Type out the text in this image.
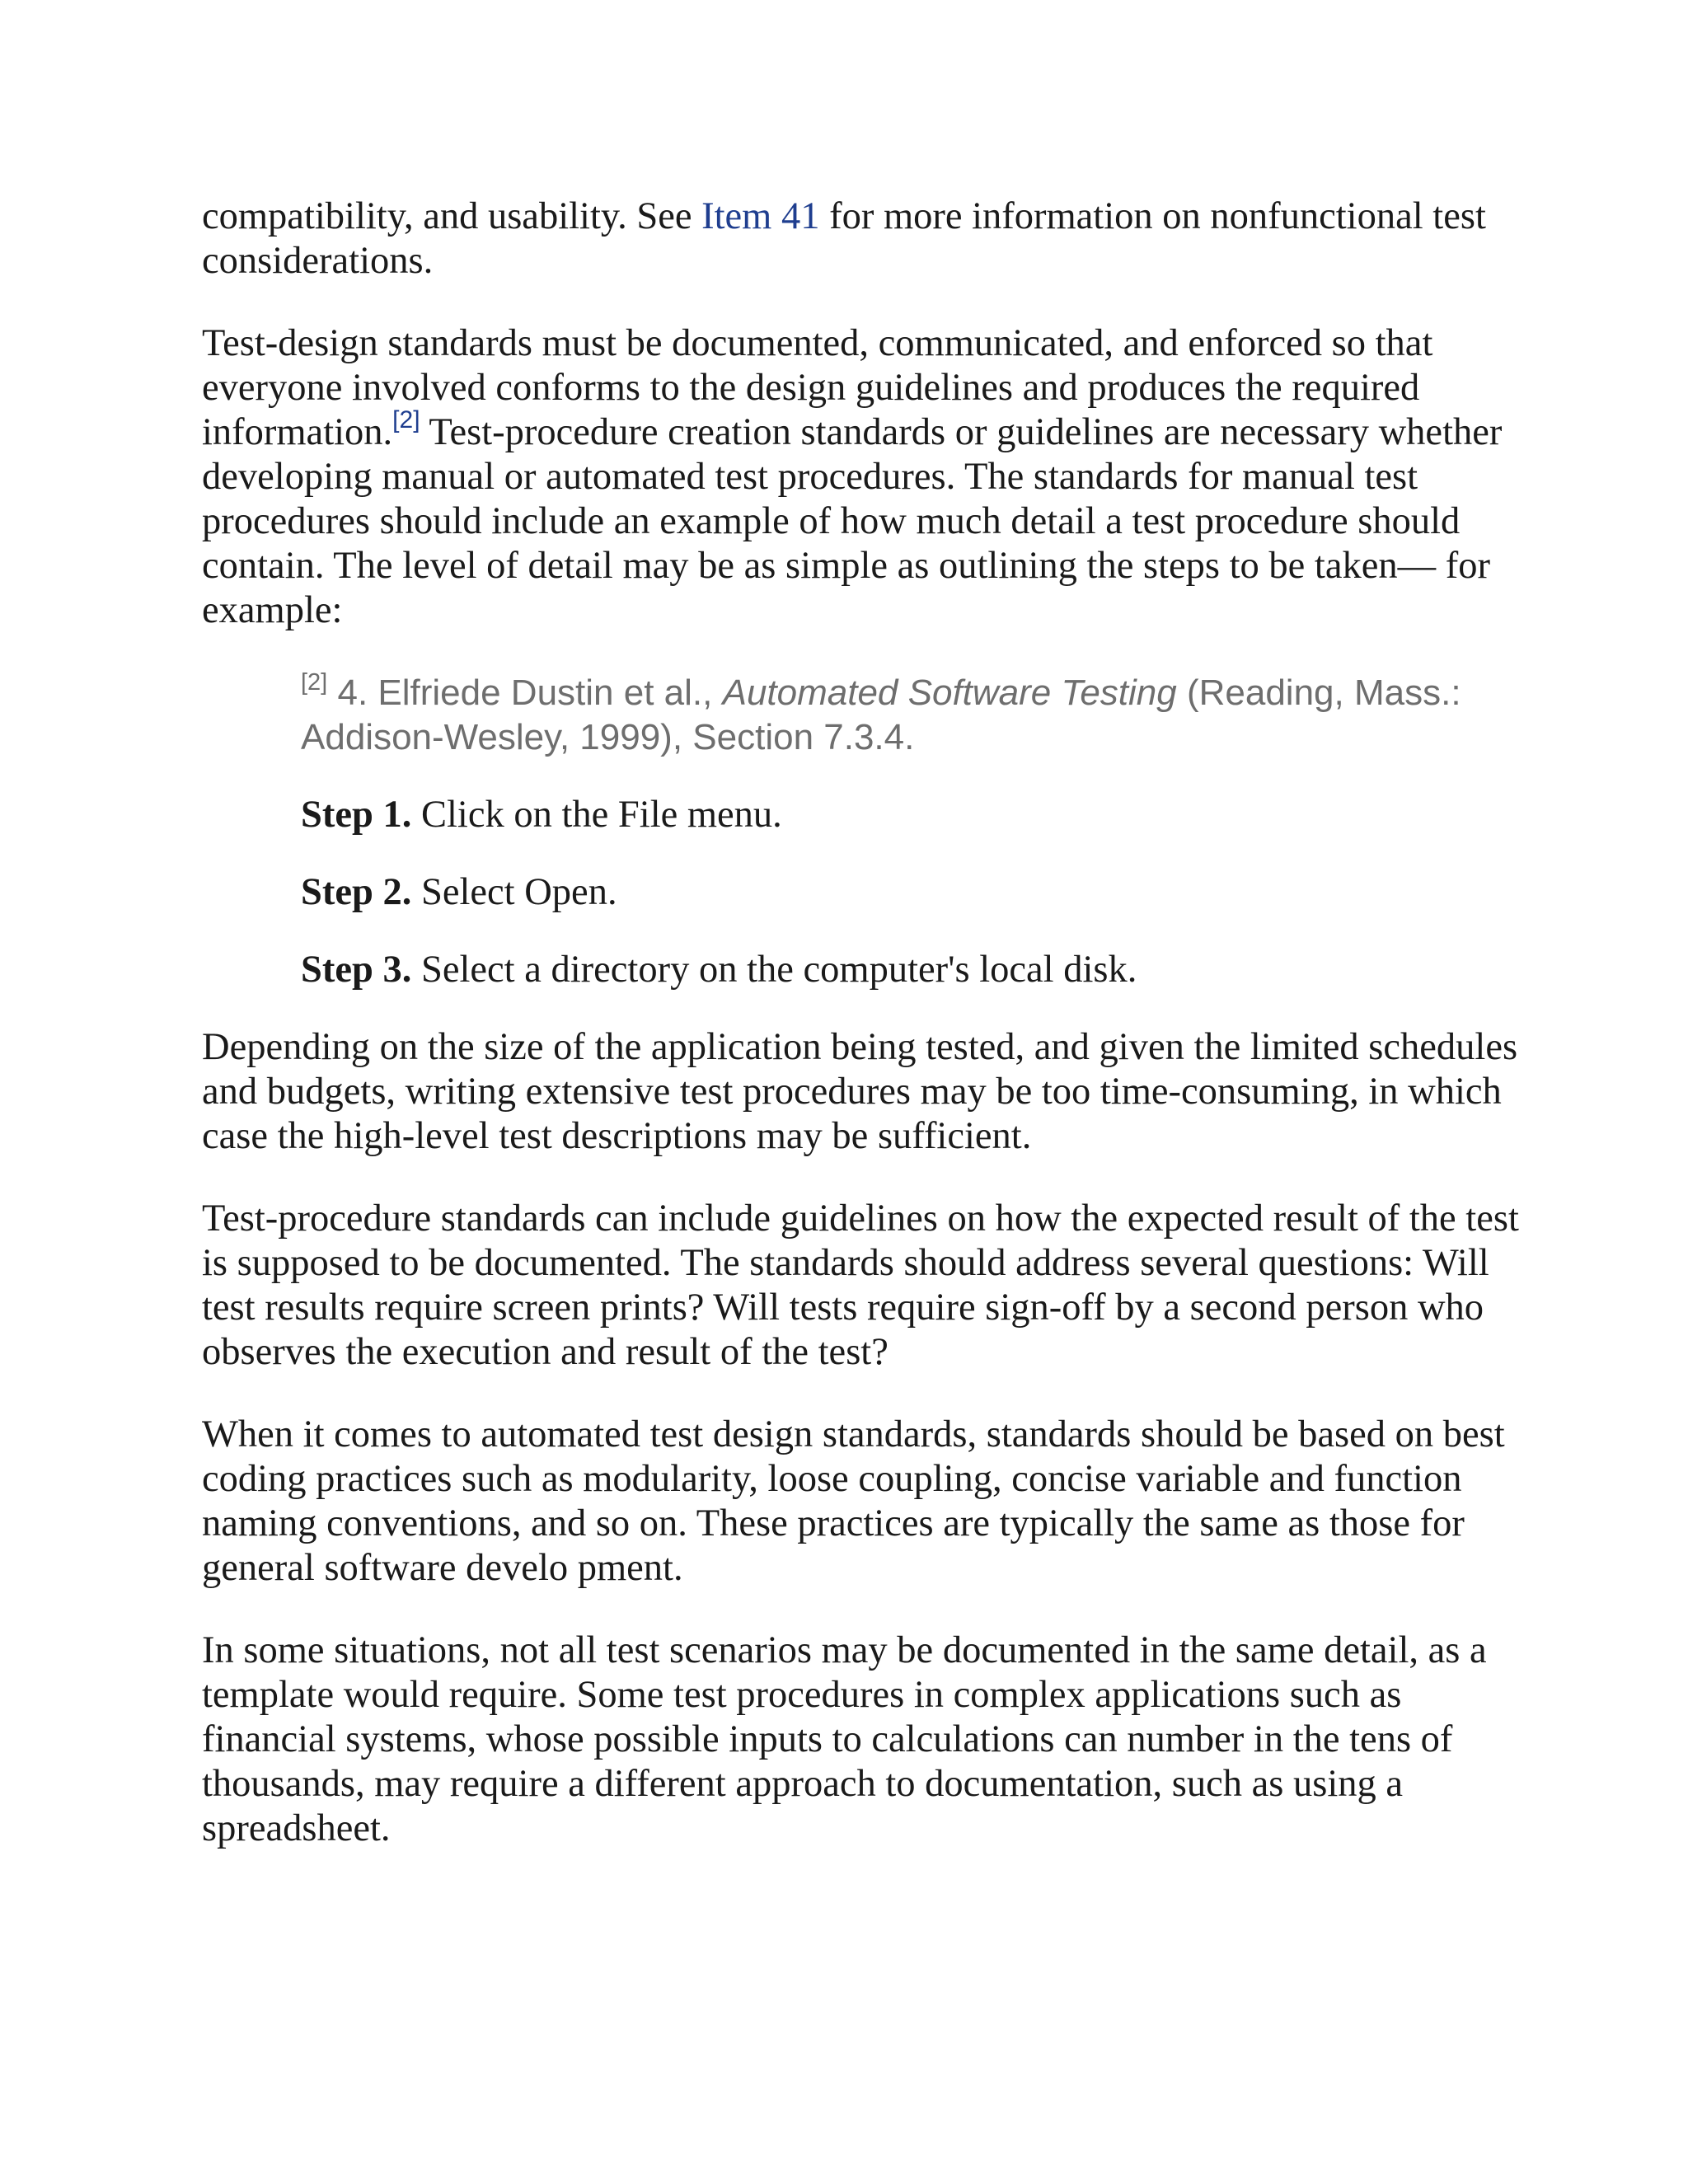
compatibility, and usability. See Item 41 for more information on nonfunctional test considerations.

Test-design standards must be documented, communicated, and enforced so that everyone involved conforms to the design guidelines and produces the required information.[2] Test-procedure creation standards or guidelines are necessary whether developing manual or automated test procedures. The standards for manual test procedures should include an example of how much detail a test procedure should contain. The level of detail may be as simple as outlining the steps to be taken— for example:

[2] 4. Elfriede Dustin et al., Automated Software Testing (Reading, Mass.: Addison-Wesley, 1999), Section 7.3.4.

Step 1. Click on the File menu.

Step 2. Select Open.

Step 3. Select a directory on the computer's local disk.

Depending on the size of the application being tested, and given the limited schedules and budgets, writing extensive test procedures may be too time-consuming, in which case the high-level test descriptions may be sufficient.

Test-procedure standards can include guidelines on how the expected result of the test is supposed to be documented. The standards should address several questions: Will test results require screen prints? Will tests require sign-off by a second person who observes the execution and result of the test?

When it comes to automated test design standards, standards should be based on best coding practices such as modularity, loose coupling, concise variable and function naming conventions, and so on. These practices are typically the same as those for general software develo pment.

In some situations, not all test scenarios may be documented in the same detail, as a template would require. Some test procedures in complex applications such as financial systems, whose possible inputs to calculations can number in the tens of thousands, may require a different approach to documentation, such as using a spreadsheet.
